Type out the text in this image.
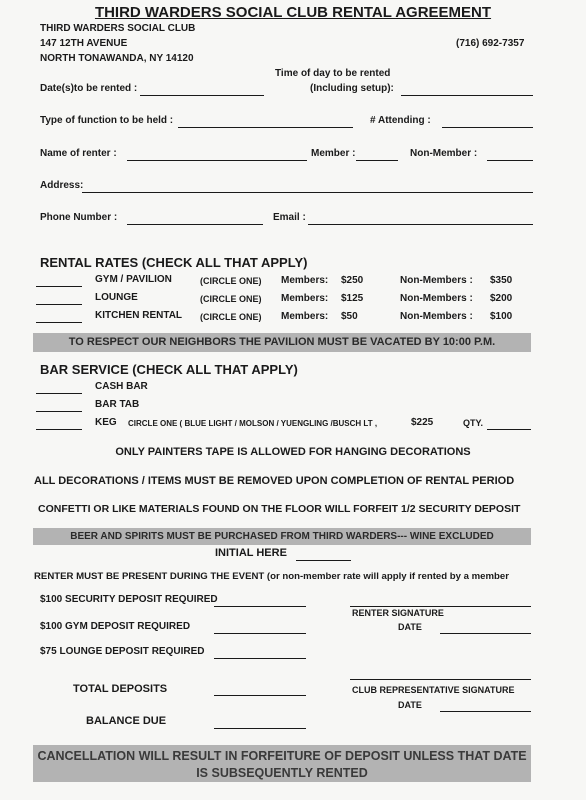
THIRD WARDERS SOCIAL CLUB RENTAL AGREEMENT
THIRD WARDERS SOCIAL CLUB
147 12TH AVENUE
NORTH TONAWANDA, NY 14120
(716) 692-7357
Date(s)to be rented :
Time of day to be rented
(Including setup):
Type of function to be held :	# Attending :
Name of renter :	Member :	Non-Member :
Address:
Phone Number :	Email :
RENTAL RATES (CHECK ALL THAT APPLY)
GYM / PAVILION	(CIRCLE ONE) Members: $250	Non-Members : $350
LOUNGE	(CIRCLE ONE) Members: $125	Non-Members : $200
KITCHEN RENTAL (CIRCLE ONE) Members: $50	Non-Members : $100
TO RESPECT OUR NEIGHBORS THE PAVILION MUST BE VACATED BY 10:00 P.M.
BAR SERVICE (CHECK ALL THAT APPLY)
CASH BAR
BAR TAB
KEG CIRCLE ONE ( BLUE LIGHT / MOLSON / YUENGLING /BUSCH LT ,	$225	QTY.
ONLY PAINTERS TAPE IS ALLOWED FOR HANGING DECORATIONS
ALL DECORATIONS / ITEMS MUST BE REMOVED UPON COMPLETION OF RENTAL PERIOD
CONFETTI OR LIKE MATERIALS FOUND ON THE FLOOR WILL FORFEIT 1/2 SECURITY DEPOSIT
BEER AND SPIRITS MUST BE PURCHASED FROM THIRD WARDERS--- WINE EXCLUDED
INITIAL HERE
RENTER MUST BE PRESENT DURING THE EVENT (or non-member rate will apply if rented by a member
$100 SECURITY DEPOSIT REQUIRED
$100 GYM DEPOSIT REQUIRED
$75 LOUNGE DEPOSIT REQUIRED
TOTAL DEPOSITS
BALANCE DUE
RENTER SIGNATURE
DATE
CLUB REPRESENTATIVE SIGNATURE
DATE
CANCELLATION WILL RESULT IN FORFEITURE OF DEPOSIT UNLESS THAT DATE
IS SUBSEQUENTLY RENTED
